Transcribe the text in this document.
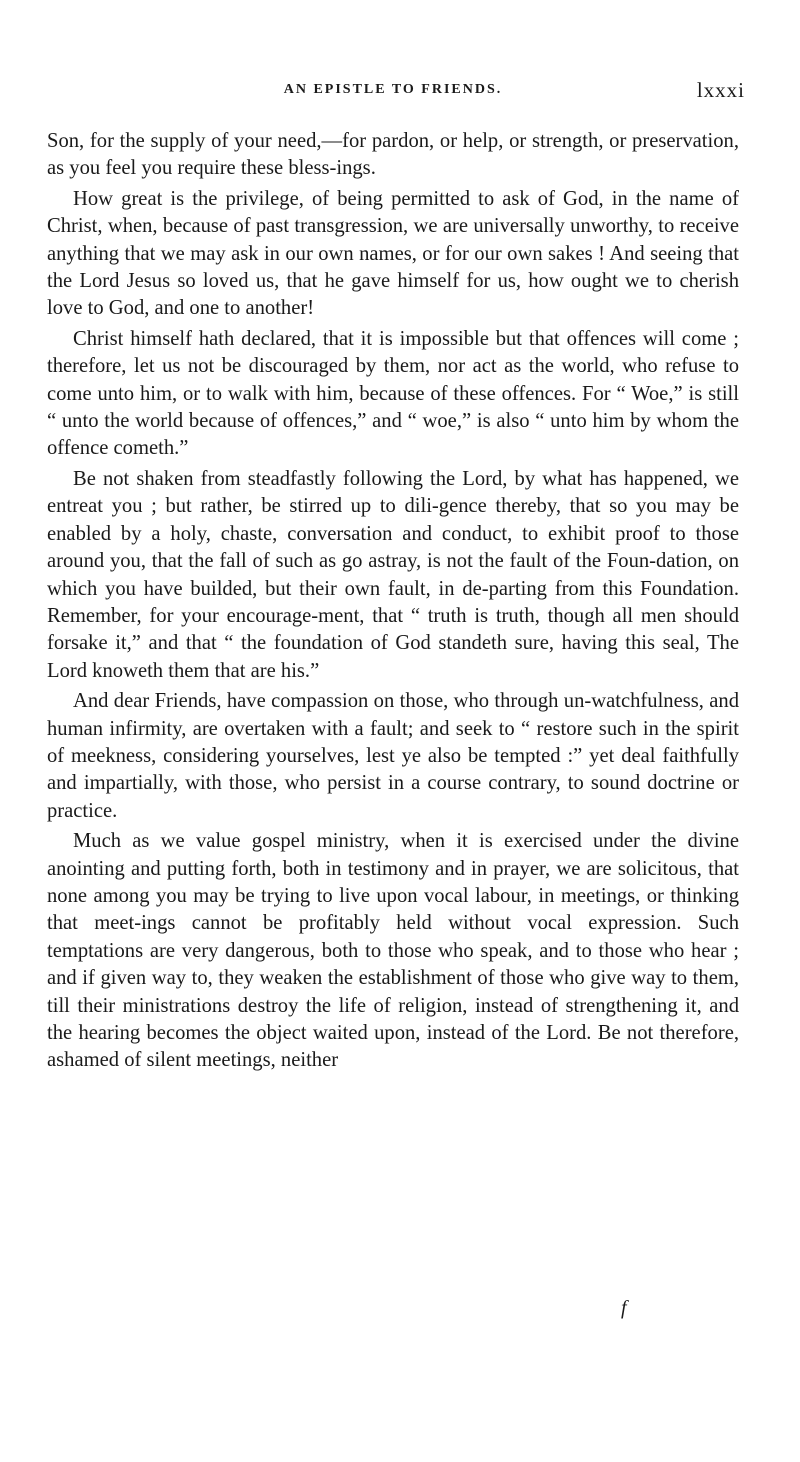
AN EPISTLE TO FRIENDS.	lxxxi

Son, for the supply of your need,—for pardon, or help, or strength, or preservation, as you feel you require these bless-ings.

How great is the privilege, of being permitted to ask of God, in the name of Christ, when, because of past transgression, we are universally unworthy, to receive anything that we may ask in our own names, or for our own sakes ! And seeing that the Lord Jesus so loved us, that he gave himself for us, how ought we to cherish love to God, and one to another!

Christ himself hath declared, that it is impossible but that offences will come ; therefore, let us not be discouraged by them, nor act as the world, who refuse to come unto him, or to walk with him, because of these offences. For “ Woe,” is still “ unto the world because of offences,” and “ woe,” is also “ unto him by whom the offence cometh.”

Be not shaken from steadfastly following the Lord, by what has happened, we entreat you ; but rather, be stirred up to dili-gence thereby, that so you may be enabled by a holy, chaste, conversation and conduct, to exhibit proof to those around you, that the fall of such as go astray, is not the fault of the Foun-dation, on which you have builded, but their own fault, in de-parting from this Foundation. Remember, for your encourage-ment, that “ truth is truth, though all men should forsake it,” and that “ the foundation of God standeth sure, having this seal, The Lord knoweth them that are his.”

And dear Friends, have compassion on those, who through un-watchfulness, and human infirmity, are overtaken with a fault; and seek to “ restore such in the spirit of meekness, considering yourselves, lest ye also be tempted :” yet deal faithfully and impartially, with those, who persist in a course contrary, to sound doctrine or practice.

Much as we value gospel ministry, when it is exercised under the divine anointing and putting forth, both in testimony and in prayer, we are solicitous, that none among you may be trying to live upon vocal labour, in meetings, or thinking that meet-ings cannot be profitably held without vocal expression. Such temptations are very dangerous, both to those who speak, and to those who hear ; and if given way to, they weaken the establishment of those who give way to them, till their ministrations destroy the life of religion, instead of strengthening it, and the hearing becomes the object waited upon, instead of the Lord. Be not therefore, ashamed of silent meetings, neither

f
